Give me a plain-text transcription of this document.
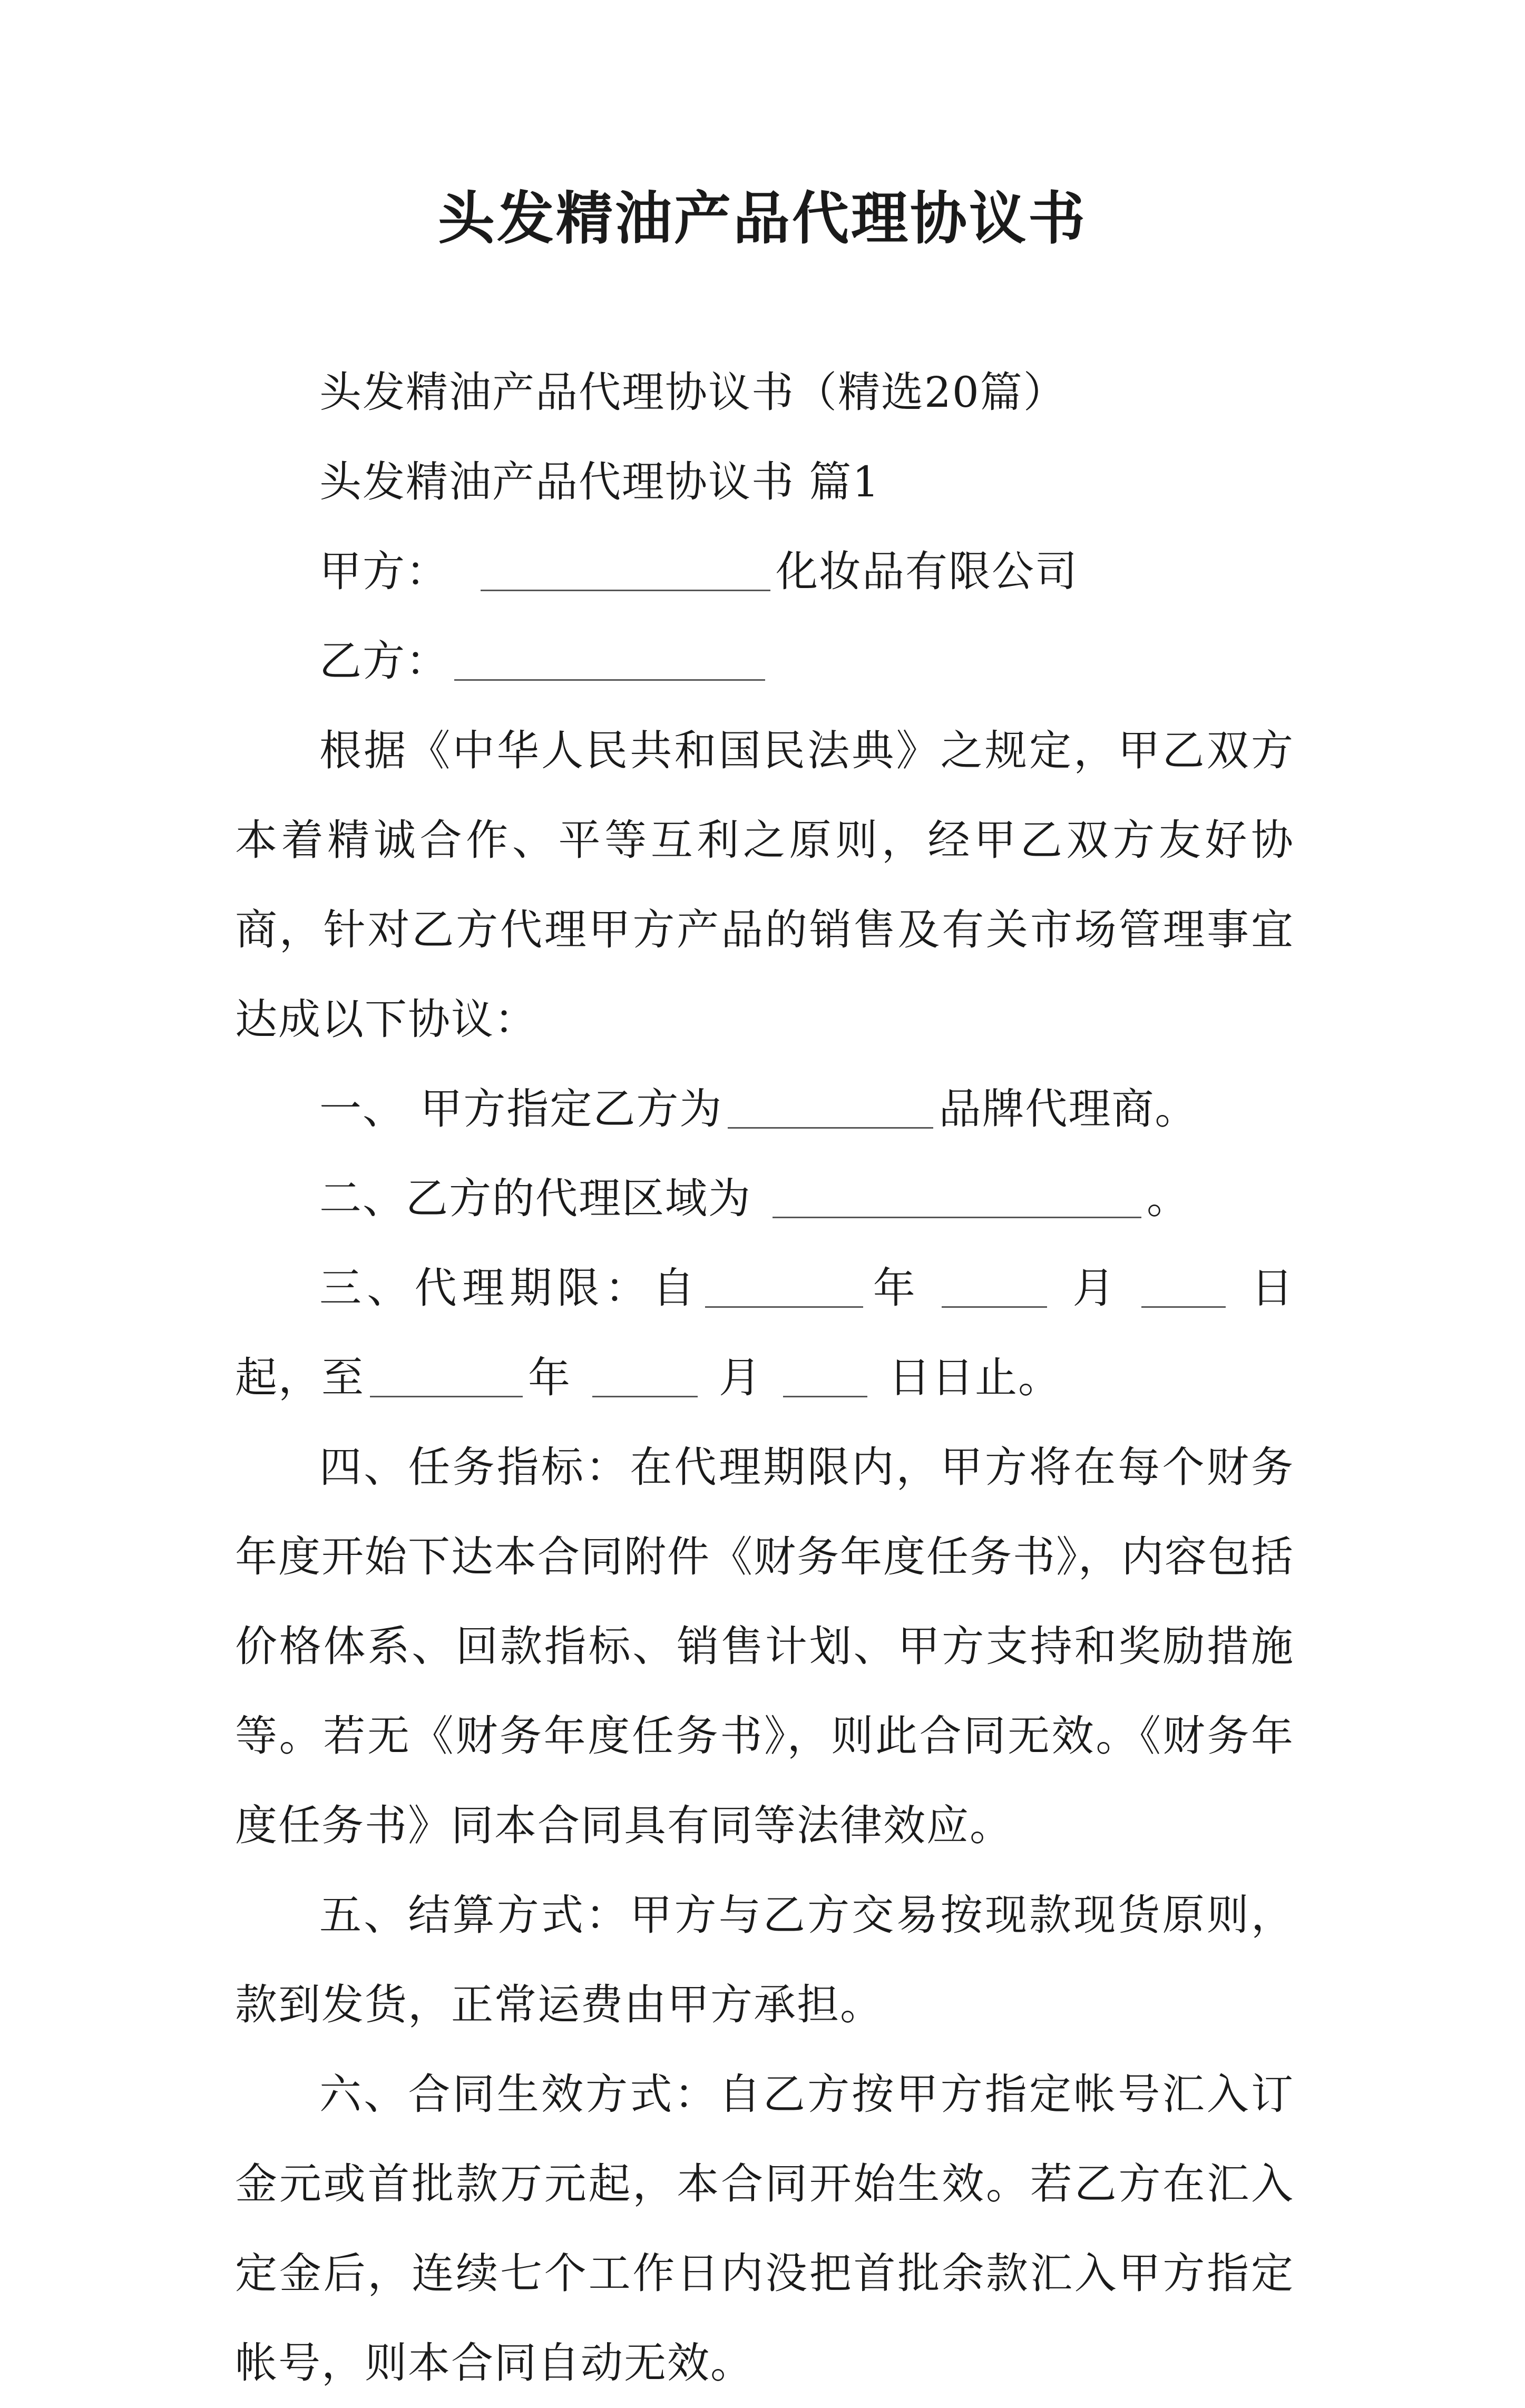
头发精油产品代理协议书

头发精油产品代理协议书（精选20篇）

头发精油产品代理协议书 篇1

甲方：	化妆品有限公司

乙方：

根据《中华人民共和国民法典》之规定，甲乙双方本着精诚合作、平等互利之原则，经甲乙双方友好协商，针对乙方代理甲方产品的销售及有关市场管理事宜达成以下协议：

一、 甲方指定乙方为	品牌代理商。

二、乙方的代理区域为	。

三、代理期限：自	年	月	日起，至	年	月	日日止。

四、任务指标：在代理期限内，甲方将在每个财务年度开始下达本合同附件《财务年度任务书》，内容包括价格体系、回款指标、销售计划、甲方支持和奖励措施等。若无《财务年度任务书》，则此合同无效。《财务年度任务书》同本合同具有同等法律效应。

五、结算方式：甲方与乙方交易按现款现货原则，款到发货，正常运费由甲方承担。

六、合同生效方式：自乙方按甲方指定帐号汇入订金元或首批款万元起，本合同开始生效。若乙方在汇入定金后，连续七个工作日内没把首批余款汇入甲方指定帐号，则本合同自动无效。
